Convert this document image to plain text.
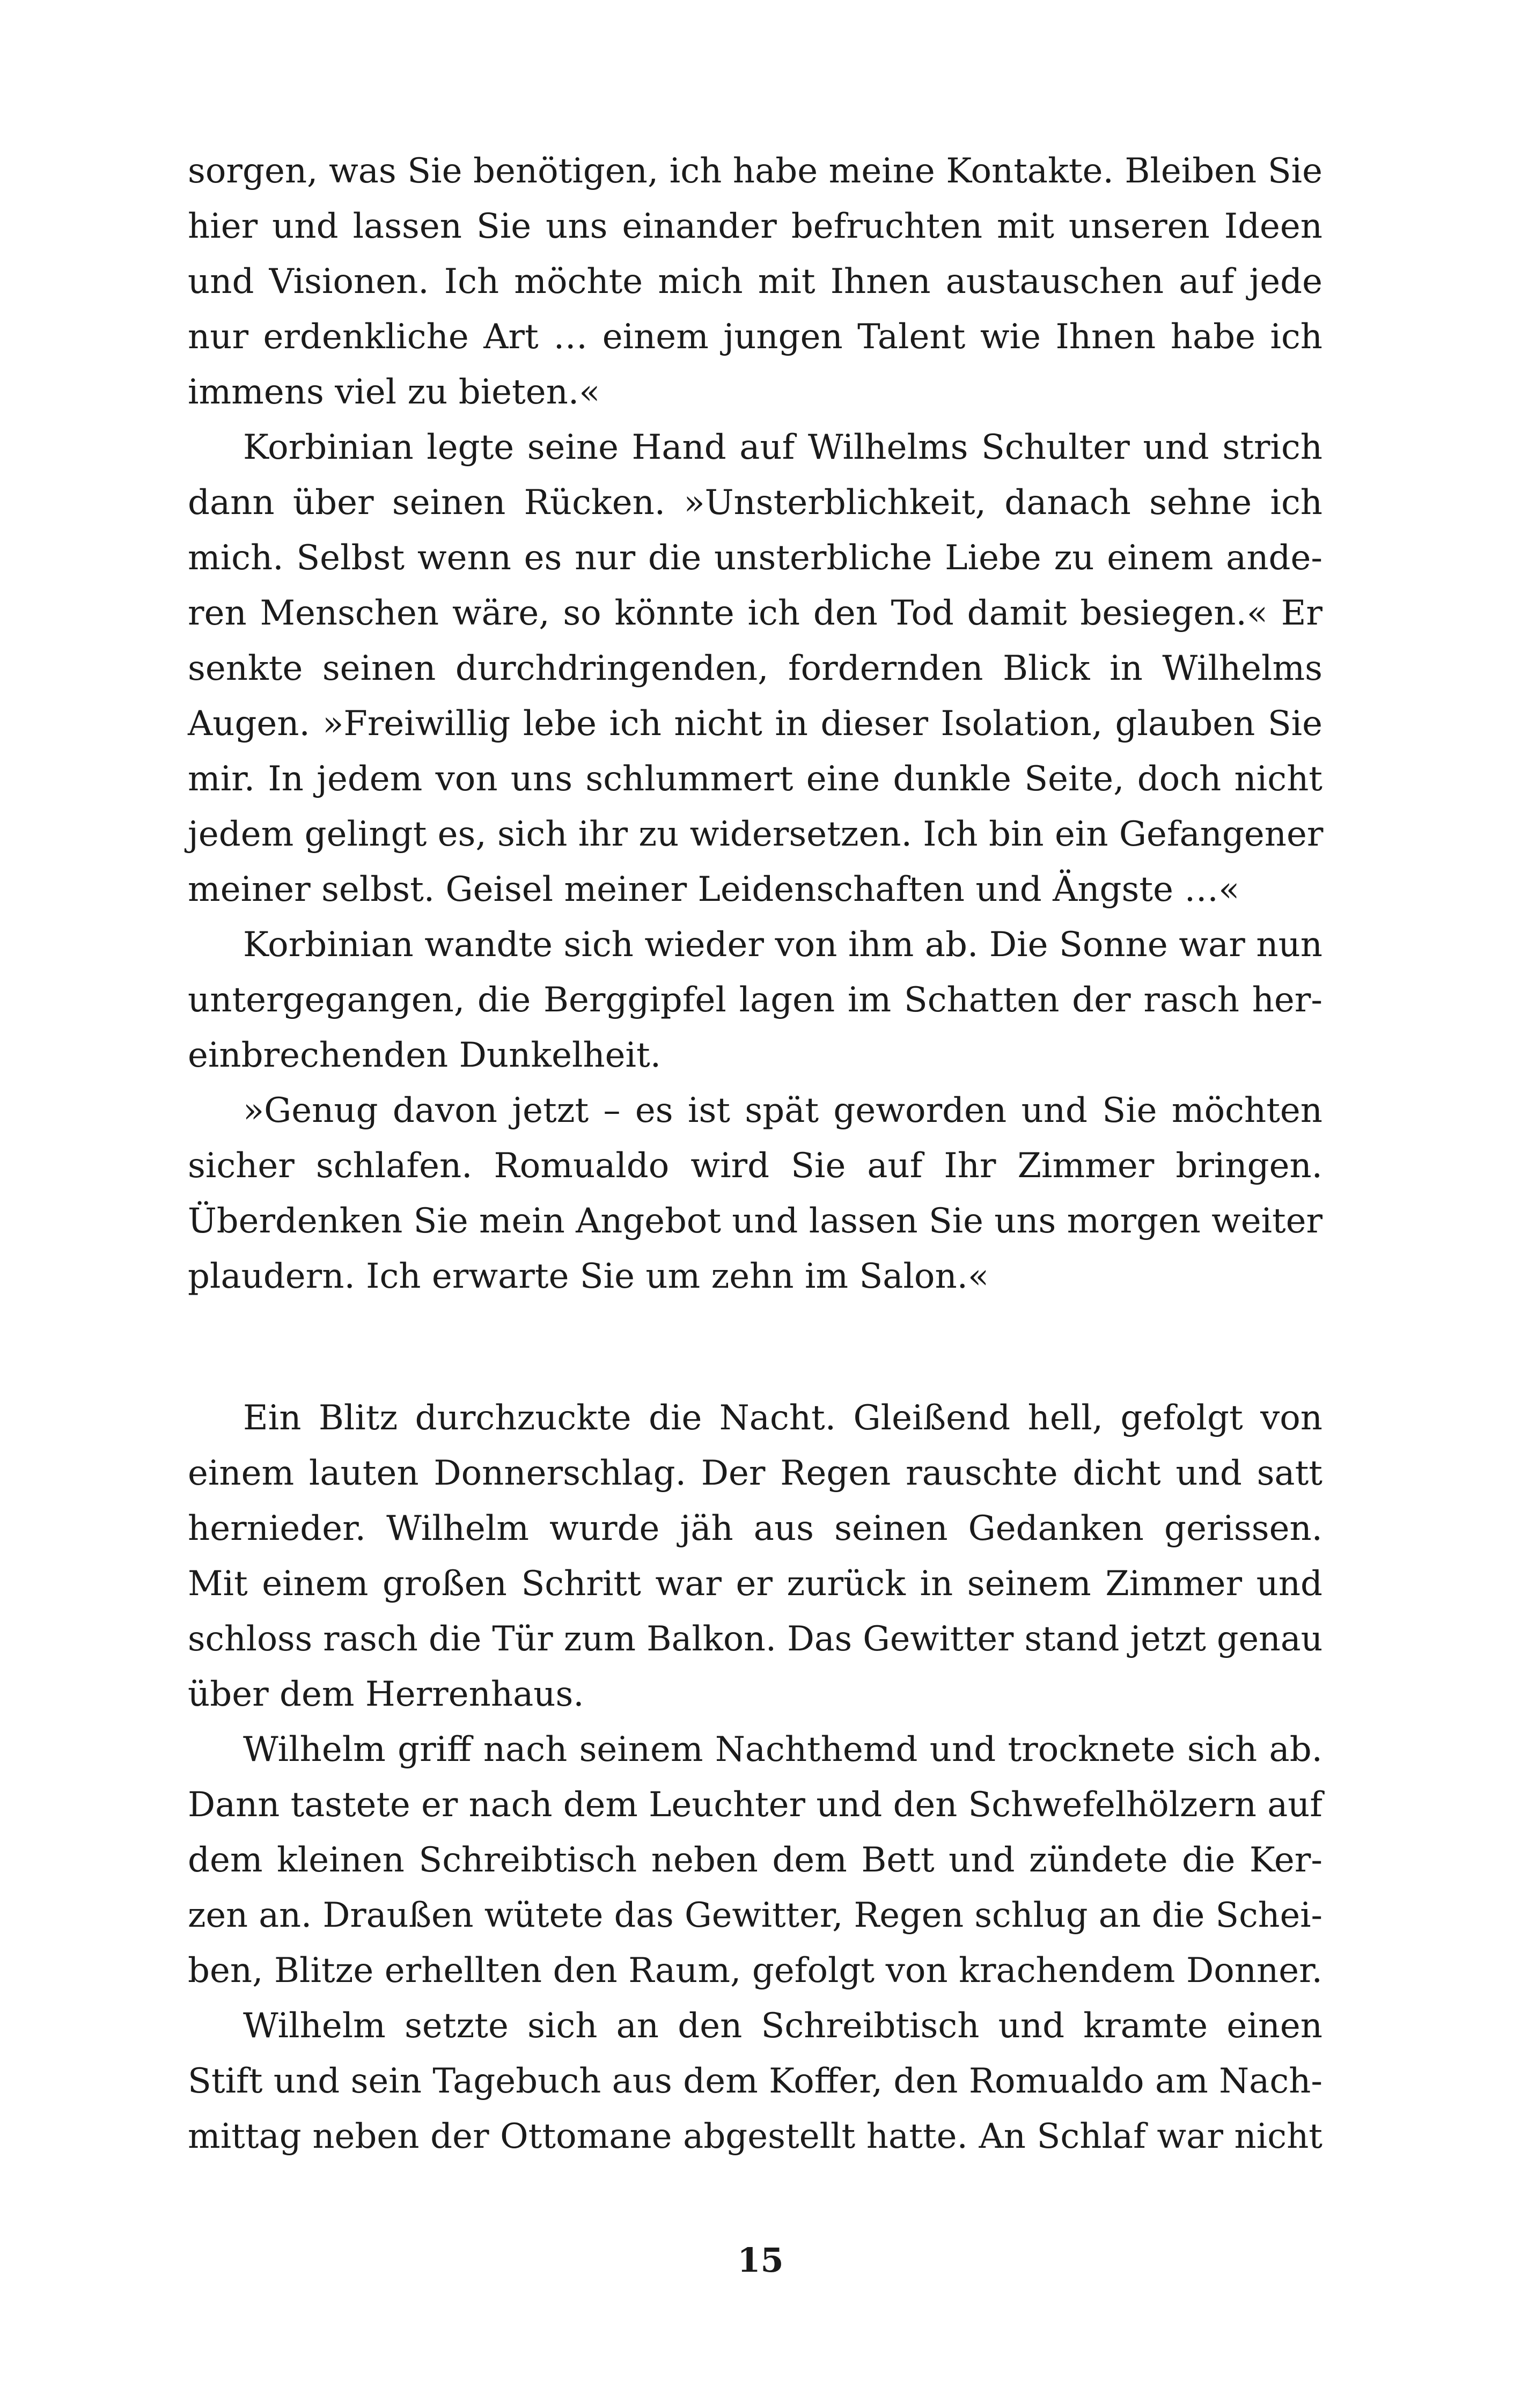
sorgen, was Sie benötigen, ich habe meine Kontakte. Bleiben Sie
hier und lassen Sie uns einander befruchten mit unseren Ideen
und Visionen. Ich möchte mich mit Ihnen austauschen auf jede
nur erdenkliche Art … einem jungen Talent wie Ihnen habe ich
immens viel zu bieten.«
Korbinian legte seine Hand auf Wilhelms Schulter und strich
dann über seinen Rücken. »Unsterblichkeit, danach sehne ich
mich. Selbst wenn es nur die unsterbliche Liebe zu einem ande-
ren Menschen wäre, so könnte ich den Tod damit besiegen.« Er
senkte seinen durchdringenden, fordernden Blick in Wilhelms
Augen. »Freiwillig lebe ich nicht in dieser Isolation, glauben Sie
mir. In jedem von uns schlummert eine dunkle Seite, doch nicht
jedem gelingt es, sich ihr zu widersetzen. Ich bin ein Gefangener
meiner selbst. Geisel meiner Leidenschaften und Ängste …«
Korbinian wandte sich wieder von ihm ab. Die Sonne war nun
untergegangen, die Berggipfel lagen im Schatten der rasch her-
einbrechenden Dunkelheit.
»Genug davon jetzt – es ist spät geworden und Sie möchten
sicher schlafen. Romualdo wird Sie auf Ihr Zimmer bringen.
Überdenken Sie mein Angebot und lassen Sie uns morgen weiter
plaudern. Ich erwarte Sie um zehn im Salon.«
Ein Blitz durchzuckte die Nacht. Gleißend hell, gefolgt von
einem lauten Donnerschlag. Der Regen rauschte dicht und satt
hernieder. Wilhelm wurde jäh aus seinen Gedanken gerissen.
Mit einem großen Schritt war er zurück in seinem Zimmer und
schloss rasch die Tür zum Balkon. Das Gewitter stand jetzt genau
über dem Herrenhaus.
Wilhelm griff nach seinem Nachthemd und trocknete sich ab.
Dann tastete er nach dem Leuchter und den Schwefelhölzern auf
dem kleinen Schreibtisch neben dem Bett und zündete die Ker-
zen an. Draußen wütete das Gewitter, Regen schlug an die Schei-
ben, Blitze erhellten den Raum, gefolgt von krachendem Donner.
Wilhelm setzte sich an den Schreibtisch und kramte einen
Stift und sein Tagebuch aus dem Koffer, den Romualdo am Nach-
mittag neben der Ottomane abgestellt hatte. An Schlaf war nicht
15
